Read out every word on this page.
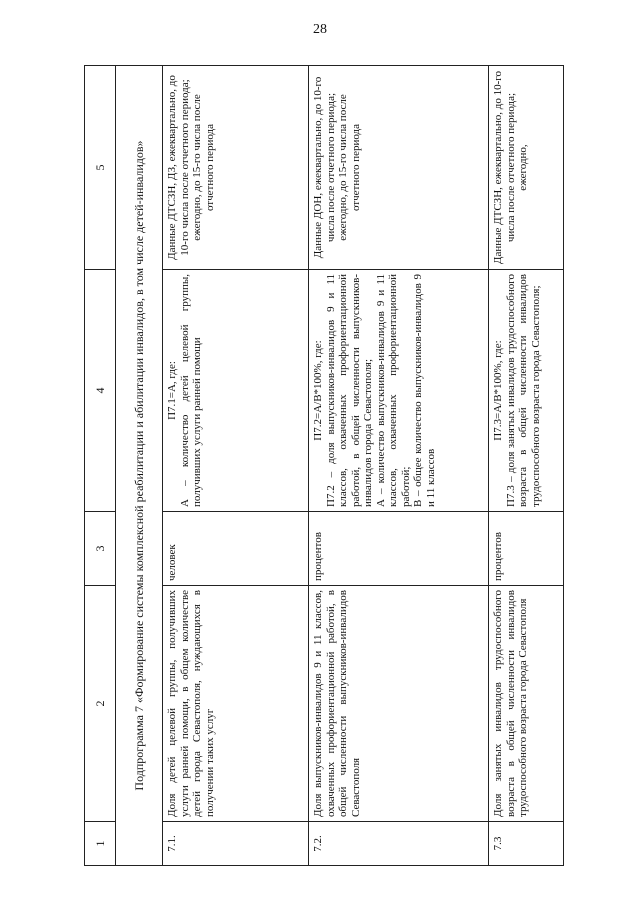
28
1	2	3	4	5
Подпрограмма 7 «Формирование системы комплексной реабилитации и абилитации инвалидов, в том числе детей-инвалидов»				
7.1.	Доля детей целевой группы, получивших услуги ранней помощи, в общем количестве детей города Севастополя, нуждающихся в получении таких услуг	человек	П7.1=А, где: А – количество детей целевой группы, получивших услуги ранней помощи	Данные ДТСЗН, ДЗ, ежеквартально, до 10-го числа после отчетного периода; ежегодно, до 15-го числа после отчетного периода
7.2.	Доля выпускников-инвалидов 9 и 11 классов, охваченных профориентационной работой, в общей численности выпускников-инвалидов Севастополя	процентов	П7.2=А/В*100%, где:
П7.2 – доля выпускников-инвалидов 9 и 11 классов, охваченных профориентационной работой, в общей численности выпускников-инвалидов города Севастополя;
А – количество выпускников-инвалидов 9 и 11 классов, охваченных профориентационной работой;
В – общее количество выпускников-инвалидов 9 и 11 классов	Данные ДОН, ежеквартально, до 10-го числа после отчетного периода; ежегодно, до 15-го числа после отчетного периода
7.3	Доля занятых инвалидов трудоспособного возраста в общей численности инвалидов трудоспособного возраста города Севастополя	процентов	П7.3=А/В*100%, где: П7.3 – доля занятых инвалидов трудоспособного возраста в общей численности инвалидов трудоспособного возраста города Севастополя;	Данные ДТСЗН, ежеквартально, до 10-го числа после отчетного периода; ежегодно,
